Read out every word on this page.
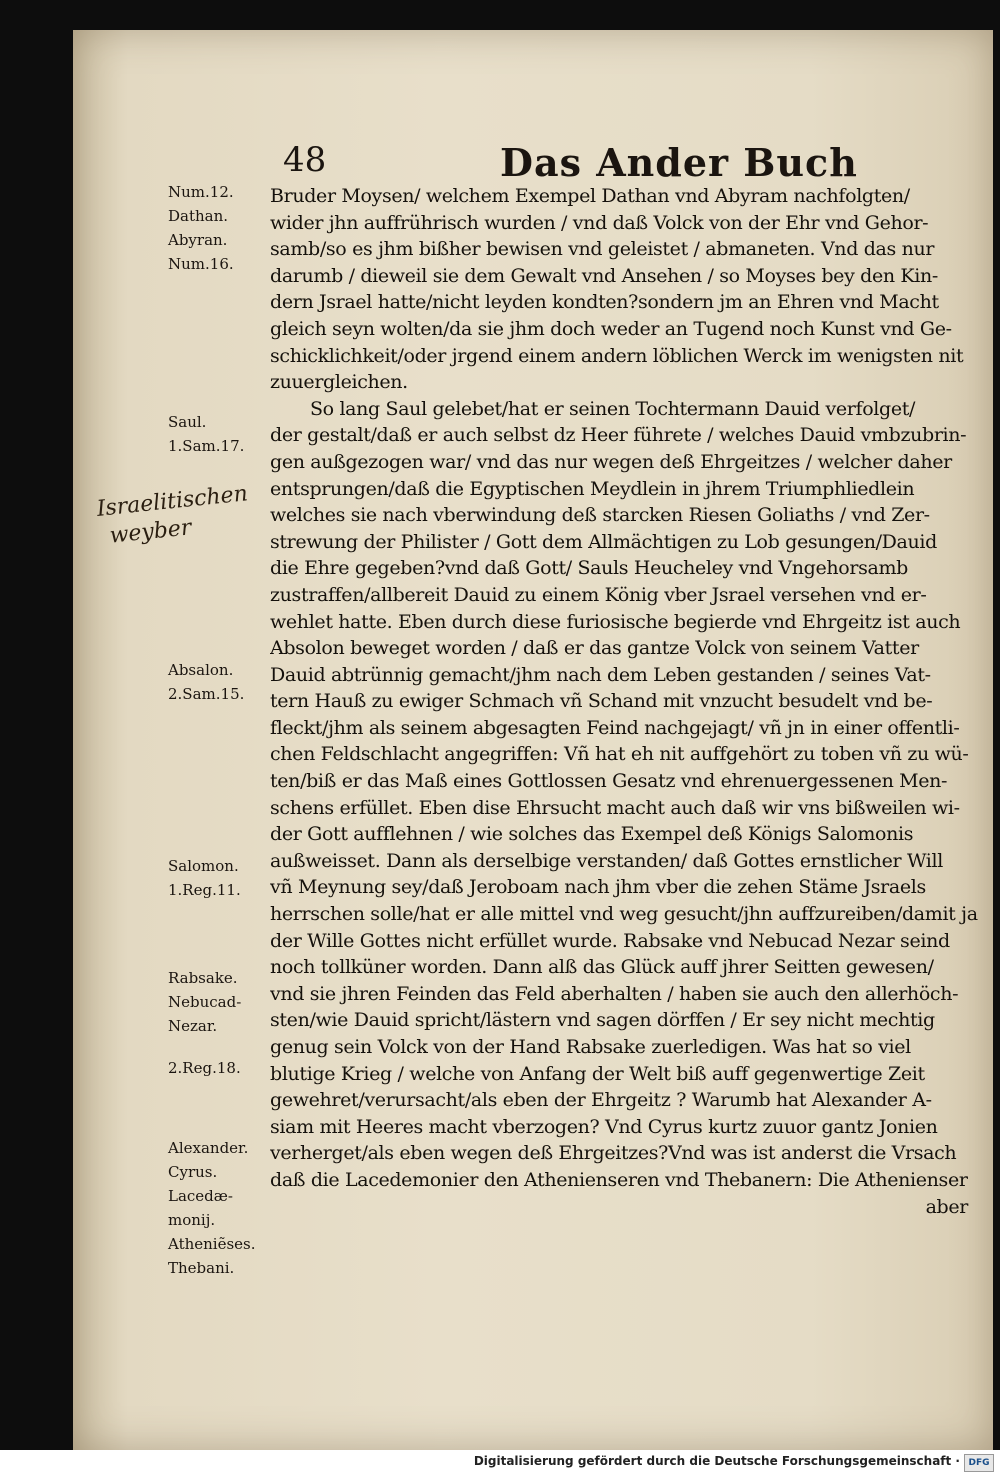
48	Das Ander Buch
Num.12.
Dathan.
Abyran.
Num.16.
Saul.
1.Sam.17.
Absalon.
2.Sam.15.
Salomon.
1.Reg.11.
Rabsake.
Nebucad-
Nezar.
2.Reg.18.
Alexander.
Cyrus.
Lacedæ-
monij.
Atheniẽses.
Thebani.
Israelitischen
weyber
Bruder Moysen/ welchem Exempel Dathan vnd Abyram nachfolgten/
wider jhn auffrührisch wurden / vnd daß Volck von der Ehr vnd Gehor-
samb/so es jhm bißher bewisen vnd geleistet / abmaneten. Vnd das nur
darumb / dieweil sie dem Gewalt vnd Ansehen / so Moyses bey den Kin-
dern Jsrael hatte/nicht leyden kondten?sondern jm an Ehren vnd Macht
gleich seyn wolten/da sie jhm doch weder an Tugend noch Kunst vnd Ge-
schicklichkeit/oder jrgend einem andern löblichen Werck im wenigsten nit
zuuergleichen.
So lang Saul gelebet/hat er seinen Tochtermann Dauid verfolget/
der gestalt/daß er auch selbst dz Heer führete / welches Dauid vmbzubrin-
gen außgezogen war/ vnd das nur wegen deß Ehrgeitzes / welcher daher
entsprungen/daß die Egyptischen Meydlein in jhrem Triumphliedlein
welches sie nach vberwindung deß starcken Riesen Goliaths / vnd Zer-
strewung der Philister / Gott dem Allmächtigen zu Lob gesungen/Dauid
die Ehre gegeben?vnd daß Gott/ Sauls Heucheley vnd Vngehorsamb
zustraffen/allbereit Dauid zu einem König vber Jsrael versehen vnd er-
wehlet hatte. Eben durch diese furiosische begierde vnd Ehrgeitz ist auch
Absolon beweget worden / daß er das gantze Volck von seinem Vatter
Dauid abtrünnig gemacht/jhm nach dem Leben gestanden / seines Vat-
tern Hauß zu ewiger Schmach vñ Schand mit vnzucht besudelt vnd be-
fleckt/jhm als seinem abgesagten Feind nachgejagt/ vñ jn in einer offentli-
chen Feldschlacht angegriffen: Vñ hat eh nit auffgehört zu toben vñ zu wü-
ten/biß er das Maß eines Gottlossen Gesatz vnd ehrenuergessenen Men-
schens erfüllet. Eben dise Ehrsucht macht auch daß wir vns bißweilen wi-
der Gott aufflehnen / wie solches das Exempel deß Königs Salomonis
außweisset. Dann als derselbige verstanden/ daß Gottes ernstlicher Will
vñ Meynung sey/daß Jeroboam nach jhm vber die zehen Stäme Jsraels
herrschen solle/hat er alle mittel vnd weg gesucht/jhn auffzureiben/damit ja
der Wille Gottes nicht erfüllet wurde. Rabsake vnd Nebucad Nezar seind
noch tollküner worden. Dann alß das Glück auff jhrer Seitten gewesen/
vnd sie jhren Feinden das Feld aberhalten / haben sie auch den allerhöch-
sten/wie Dauid spricht/lästern vnd sagen dörffen / Er sey nicht mechtig
genug sein Volck von der Hand Rabsake zuerledigen. Was hat so viel
blutige Krieg / welche von Anfang der Welt biß auff gegenwertige Zeit
gewehret/verursacht/als eben der Ehrgeitz ? Warumb hat Alexander A-
siam mit Heeres macht vberzogen? Vnd Cyrus kurtz zuuor gantz Jonien
verherget/als eben wegen deß Ehrgeitzes?Vnd was ist anderst die Vrsach
daß die Lacedemonier den Athenienseren vnd Thebanern: Die Athenienser
aber
Digitalisierung gefördert durch die Deutsche Forschungsgemeinschaft · DFG
